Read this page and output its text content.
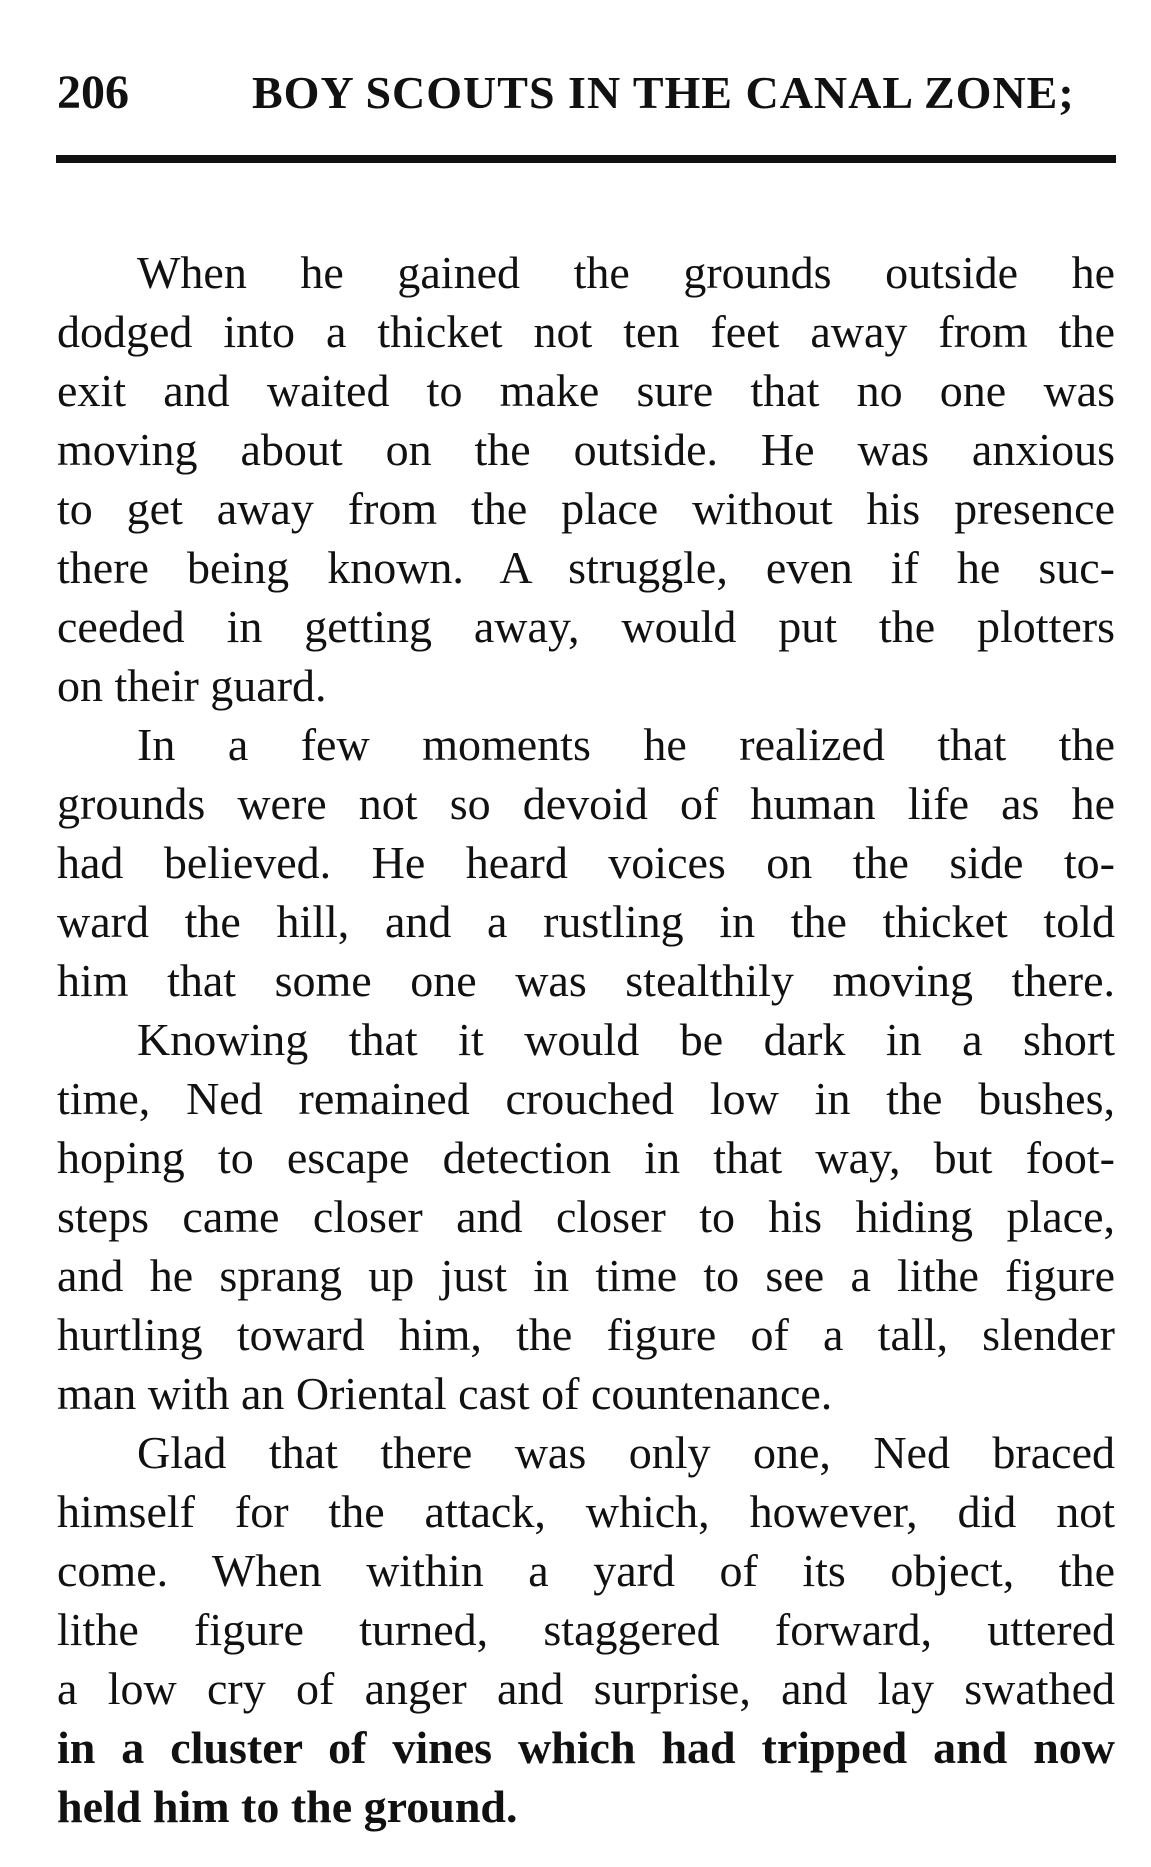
206	BOY SCOUTS IN THE CANAL ZONE;

When he gained the grounds outside he
dodged into a thicket not ten feet away from the
exit and waited to make sure that no one was
moving about on the outside. He was anxious
to get away from the place without his presence
there being known. A struggle, even if he suc-
ceeded in getting away, would put the plotters
on their guard.

In a few moments he realized that the
grounds were not so devoid of human life as he
had believed. He heard voices on the side to-
ward the hill, and a rustling in the thicket told
him that some one was stealthily moving there.

Knowing that it would be dark in a short
time, Ned remained crouched low in the bushes,
hoping to escape detection in that way, but foot-
steps came closer and closer to his hiding place,
and he sprang up just in time to see a lithe figure
hurtling toward him, the figure of a tall, slender
man with an Oriental cast of countenance.

Glad that there was only one, Ned braced
himself for the attack, which, however, did not
come. When within a yard of its object, the
lithe figure turned, staggered forward, uttered
a low cry of anger and surprise, and lay swathed
in a cluster of vines which had tripped and now
held him to the ground.
